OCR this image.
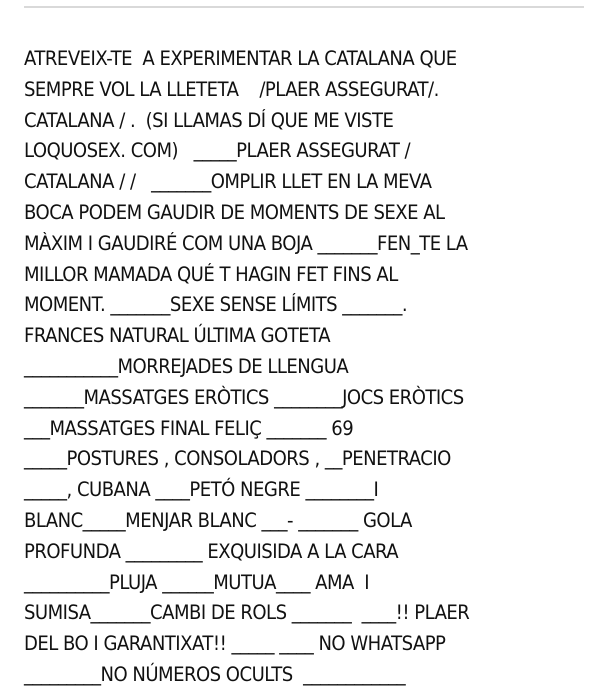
ATREVEIX-TE  A EXPERIMENTAR LA CATALANA QUE
SEMPRE VOL LA LLETETA    /PLAER ASSEGURAT/.
CATALANA / .  (SI LLAMAS DÍ QUE ME VISTE
LOQUOSEX. COM)   _____PLAER ASSEGURAT /
CATALANA / /   _______OMPLIR LLET EN LA MEVA
BOCA PODEM GAUDIR DE MOMENTS DE SEXE AL
MÀXIM I GAUDIRÉ COM UNA BOJA _______FEN_TE LA
MILLOR MAMADA QUÉ T HAGIN FET FINS AL
MOMENT. _______SEXE SENSE LÍMITS _______.
FRANCES NATURAL ÚLTIMA GOTETA
___________MORREJADES DE LLENGUA
_______MASSATGES ERÒTICS ________JOCS ERÒTICS
___MASSATGES FINAL FELIÇ _______ 69
_____POSTURES , CONSOLADORS , __PENETRACIO
_____, CUBANA ____PETÓ NEGRE ________I
BLANC_____MENJAR BLANC ___- _______ GOLA
PROFUNDA _________ EXQUISIDA A LA CARA
__________PLUJA ______MUTUA____ AMA  I
SUMISA_______CAMBI DE ROLS _______  ____!! PLAER
DEL BO I GARANTIXAT!! _____ ____ NO WHATSAPP
_________NO NÚMEROS OCULTS  ____________
